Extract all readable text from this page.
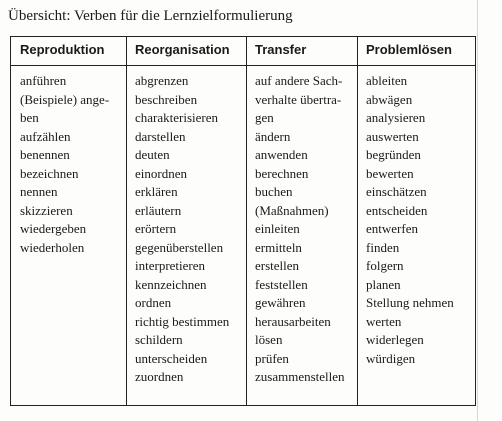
Übersicht: Verben für die Lernzielformulierung
Reproduktion
anführen
(Beispiele) ange-
ben
aufzählen
benennen
bezeichnen
nennen
skizzieren
wiedergeben
wiederholen
Reorganisation
abgrenzen
beschreiben
charakterisieren
darstellen
deuten
einordnen
erklären
erläutern
erörtern
gegenüberstellen
interpretieren
kennzeichnen
ordnen
richtig bestimmen
schildern
unterscheiden
zuordnen
Transfer
auf andere Sach-
verhalte übertra-
gen
ändern
anwenden
berechnen
buchen
(Maßnahmen)
einleiten
ermitteln
erstellen
feststellen
gewähren
herausarbeiten
lösen
prüfen
zusammenstellen
Problemlösen
ableiten
abwägen
analysieren
auswerten
begründen
bewerten
einschätzen
entscheiden
entwerfen
finden
folgern
planen
Stellung nehmen
werten
widerlegen
würdigen
